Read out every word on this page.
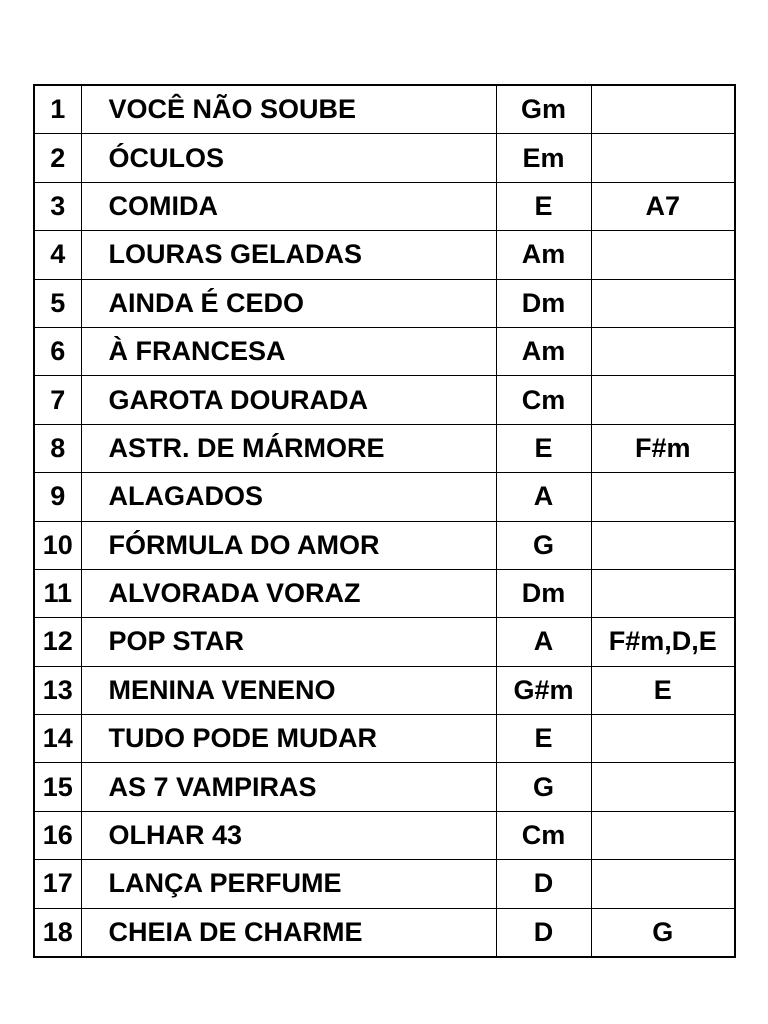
1	VOCÊ NÃO SOUBE	Gm	
2	ÓCULOS	Em	
3	COMIDA	E	A7
4	LOURAS GELADAS	Am	
5	AINDA É CEDO	Dm	
6	À FRANCESA	Am	
7	GAROTA DOURADA	Cm	
8	ASTR. DE MÁRMORE	E	F#m
9	ALAGADOS	A	
10	FÓRMULA DO AMOR	G	
11	ALVORADA VORAZ	Dm	
12	POP STAR	A	F#m,D,E
13	MENINA VENENO	G#m	E
14	TUDO PODE MUDAR	E	
15	AS 7 VAMPIRAS	G	
16	OLHAR 43	Cm	
17	LANÇA PERFUME	D	
18	CHEIA DE CHARME	D	G
